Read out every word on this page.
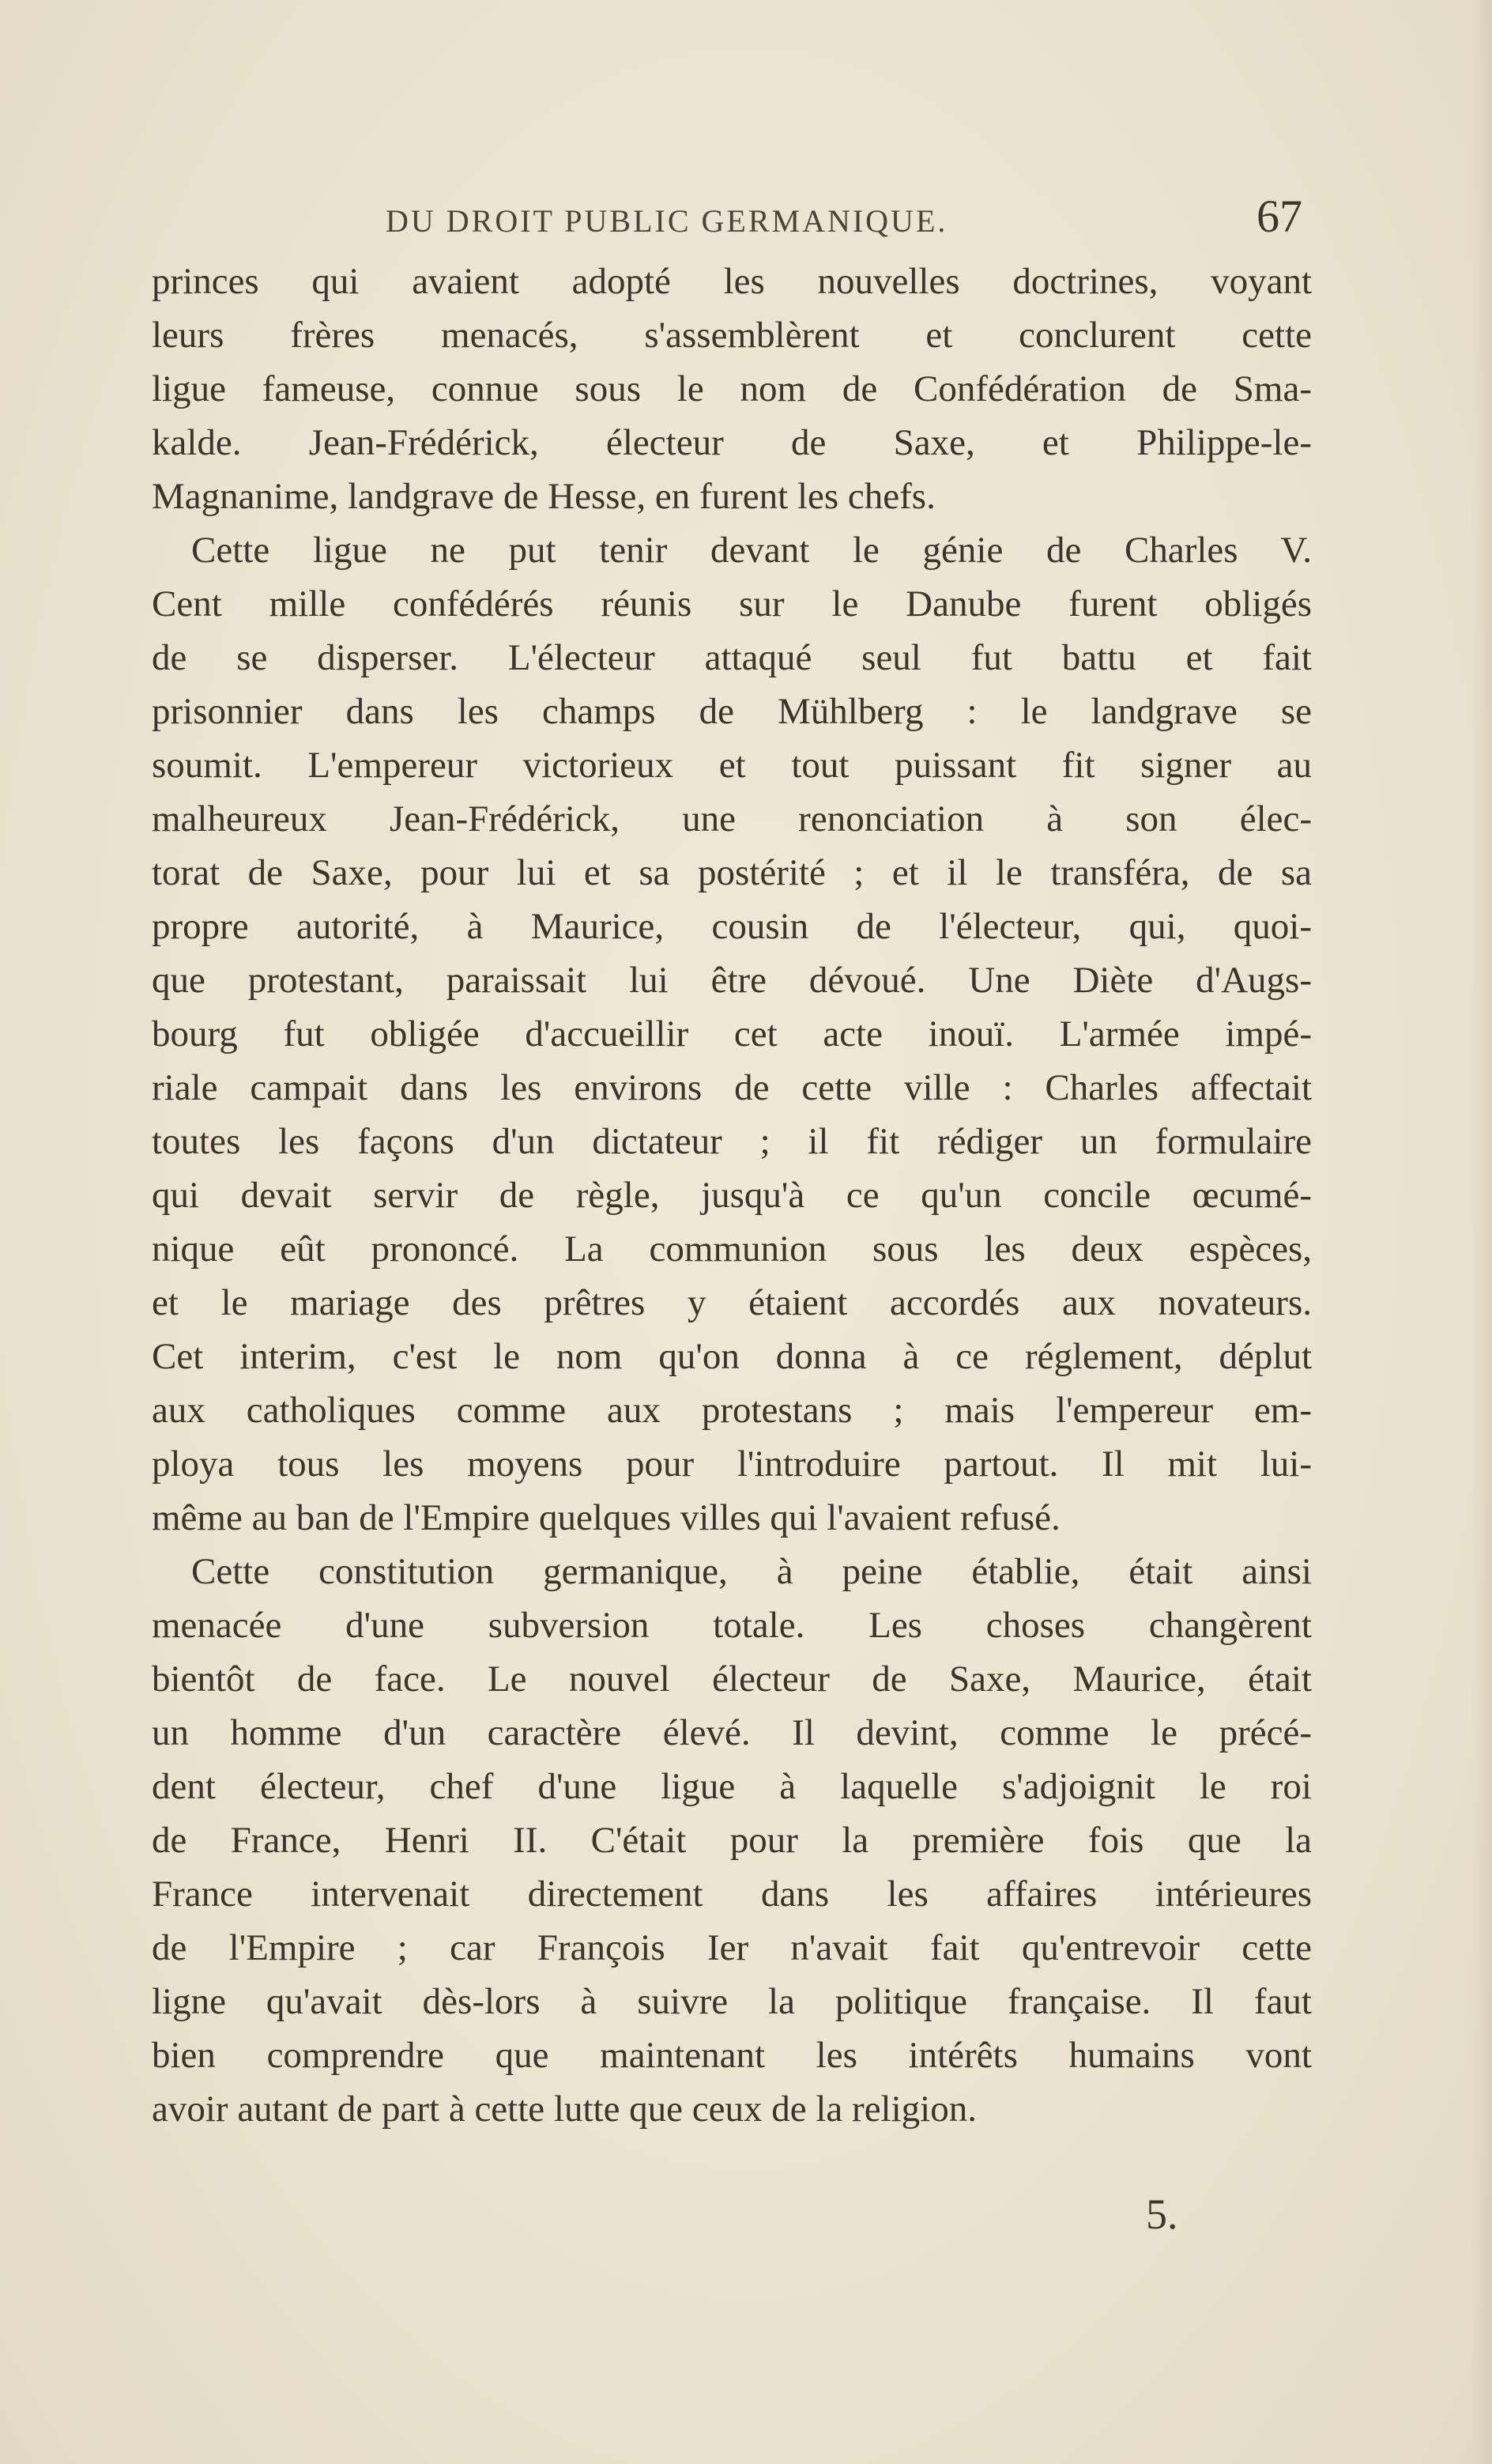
DU DROIT PUBLIC GERMANIQUE.	67
princes qui avaient adopté les nouvelles doctrines, voyant
leurs frères menacés, s'assemblèrent et conclurent cette
ligue fameuse, connue sous le nom de Confédération de Sma-
kalde. Jean-Frédérick, électeur de Saxe, et Philippe-le-
Magnanime, landgrave de Hesse, en furent les chefs.
Cette ligue ne put tenir devant le génie de Charles V.
Cent mille confédérés réunis sur le Danube furent obligés
de se disperser. L'électeur attaqué seul fut battu et fait
prisonnier dans les champs de Mühlberg : le landgrave se
soumit. L'empereur victorieux et tout puissant fit signer au
malheureux Jean-Frédérick, une renonciation à son élec-
torat de Saxe, pour lui et sa postérité ; et il le transféra, de sa
propre autorité, à Maurice, cousin de l'électeur, qui, quoi-
que protestant, paraissait lui être dévoué. Une Diète d'Augs-
bourg fut obligée d'accueillir cet acte inouï. L'armée impé-
riale campait dans les environs de cette ville : Charles affectait
toutes les façons d'un dictateur ; il fit rédiger un formulaire
qui devait servir de règle, jusqu'à ce qu'un concile œcumé-
nique eût prononcé. La communion sous les deux espèces,
et le mariage des prêtres y étaient accordés aux novateurs.
Cet interim, c'est le nom qu'on donna à ce réglement, déplut
aux catholiques comme aux protestans ; mais l'empereur em-
ploya tous les moyens pour l'introduire partout. Il mit lui-
même au ban de l'Empire quelques villes qui l'avaient refusé.
Cette constitution germanique, à peine établie, était ainsi
menacée d'une subversion totale. Les choses changèrent
bientôt de face. Le nouvel électeur de Saxe, Maurice, était
un homme d'un caractère élevé. Il devint, comme le précé-
dent électeur, chef d'une ligue à laquelle s'adjoignit le roi
de France, Henri II. C'était pour la première fois que la
France intervenait directement dans les affaires intérieures
de l'Empire ; car François Ier n'avait fait qu'entrevoir cette
ligne qu'avait dès-lors à suivre la politique française. Il faut
bien comprendre que maintenant les intérêts humains vont
avoir autant de part à cette lutte que ceux de la religion.
5.
